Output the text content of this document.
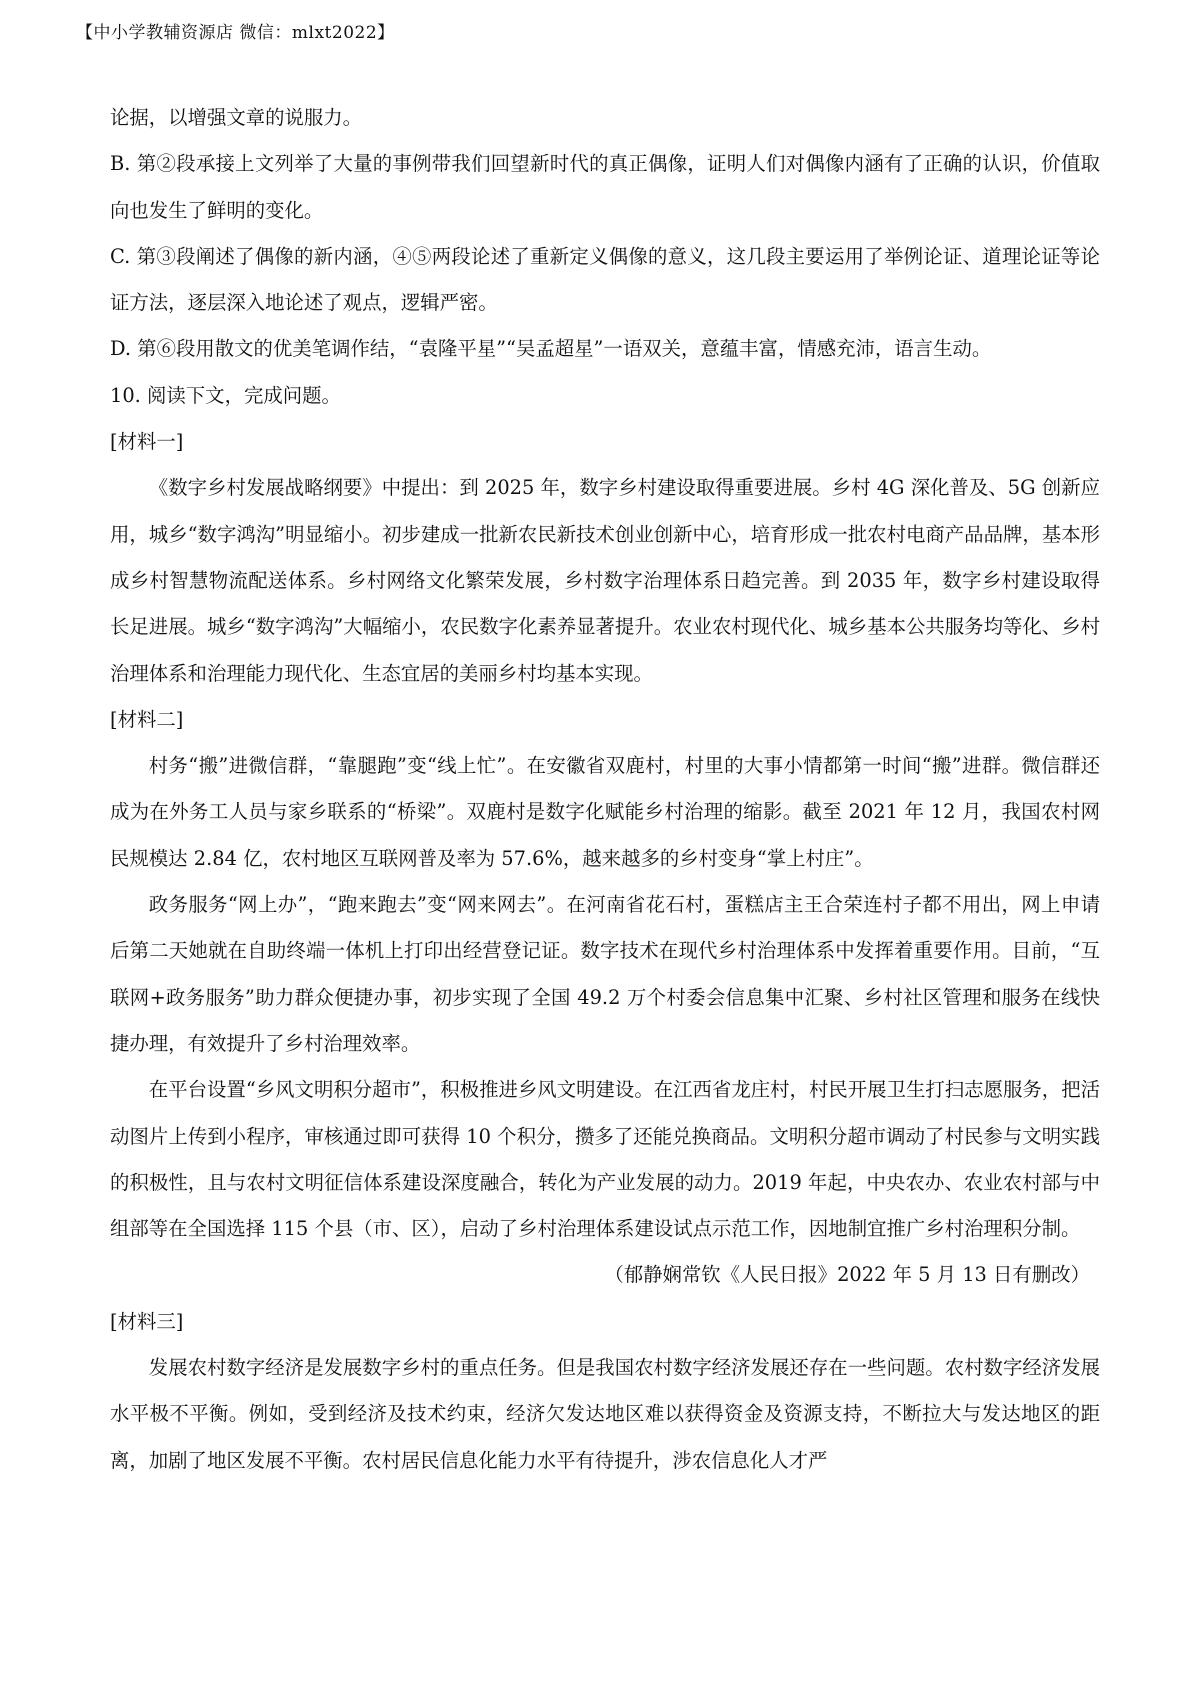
【中小学教辅资源店 微信：mlxt2022】

论据，以增强文章的说服力。

B. 第②段承接上文列举了大量的事例带我们回望新时代的真正偶像，证明人们对偶像内涵有了正确的认识，价值取向也发生了鲜明的变化。

C. 第③段阐述了偶像的新内涵，④⑤两段论述了重新定义偶像的意义，这几段主要运用了举例论证、道理论证等论证方法，逐层深入地论述了观点，逻辑严密。

D. 第⑥段用散文的优美笔调作结，“袁隆平星”“吴孟超星”一语双关，意蕴丰富，情感充沛，语言生动。

10. 阅读下文，完成问题。

[材料一]

《数字乡村发展战略纲要》中提出：到 2025 年，数字乡村建设取得重要进展。乡村 4G 深化普及、5G 创新应用，城乡“数字鸿沟”明显缩小。初步建成一批新农民新技术创业创新中心，培育形成一批农村电商产品品牌，基本形成乡村智慧物流配送体系。乡村网络文化繁荣发展，乡村数字治理体系日趋完善。到 2035 年，数字乡村建设取得长足进展。城乡“数字鸿沟”大幅缩小，农民数字化素养显著提升。农业农村现代化、城乡基本公共服务均等化、乡村治理体系和治理能力现代化、生态宜居的美丽乡村均基本实现。

[材料二]

村务“搬”进微信群，“靠腿跑”变“线上忙”。在安徽省双鹿村，村里的大事小情都第一时间“搬”进群。微信群还成为在外务工人员与家乡联系的“桥梁”。双鹿村是数字化赋能乡村治理的缩影。截至 2021 年 12 月，我国农村网民规模达 2.84 亿，农村地区互联网普及率为 57.6%，越来越多的乡村变身“掌上村庄”。

政务服务“网上办”，“跑来跑去”变“网来网去”。在河南省花石村，蛋糕店主王合荣连村子都不用出，网上申请后第二天她就在自助终端一体机上打印出经营登记证。数字技术在现代乡村治理体系中发挥着重要作用。目前，“互联网+政务服务”助力群众便捷办事，初步实现了全国 49.2 万个村委会信息集中汇聚、乡村社区管理和服务在线快捷办理，有效提升了乡村治理效率。

在平台设置“乡风文明积分超市”，积极推进乡风文明建设。在江西省龙庄村，村民开展卫生打扫志愿服务，把活动图片上传到小程序，审核通过即可获得 10 个积分，攒多了还能兑换商品。文明积分超市调动了村民参与文明实践的积极性，且与农村文明征信体系建设深度融合，转化为产业发展的动力。2019 年起，中央农办、农业农村部与中组部等在全国选择 115 个县（市、区），启动了乡村治理体系建设试点示范工作，因地制宜推广乡村治理积分制。

（郁静娴常钦《人民日报》2022 年 5 月 13 日有删改）

[材料三]

发展农村数字经济是发展数字乡村的重点任务。但是我国农村数字经济发展还存在一些问题。农村数字经济发展水平极不平衡。例如，受到经济及技术约束，经济欠发达地区难以获得资金及资源支持，不断拉大与发达地区的距离，加剧了地区发展不平衡。农村居民信息化能力水平有待提升，涉农信息化人才严
